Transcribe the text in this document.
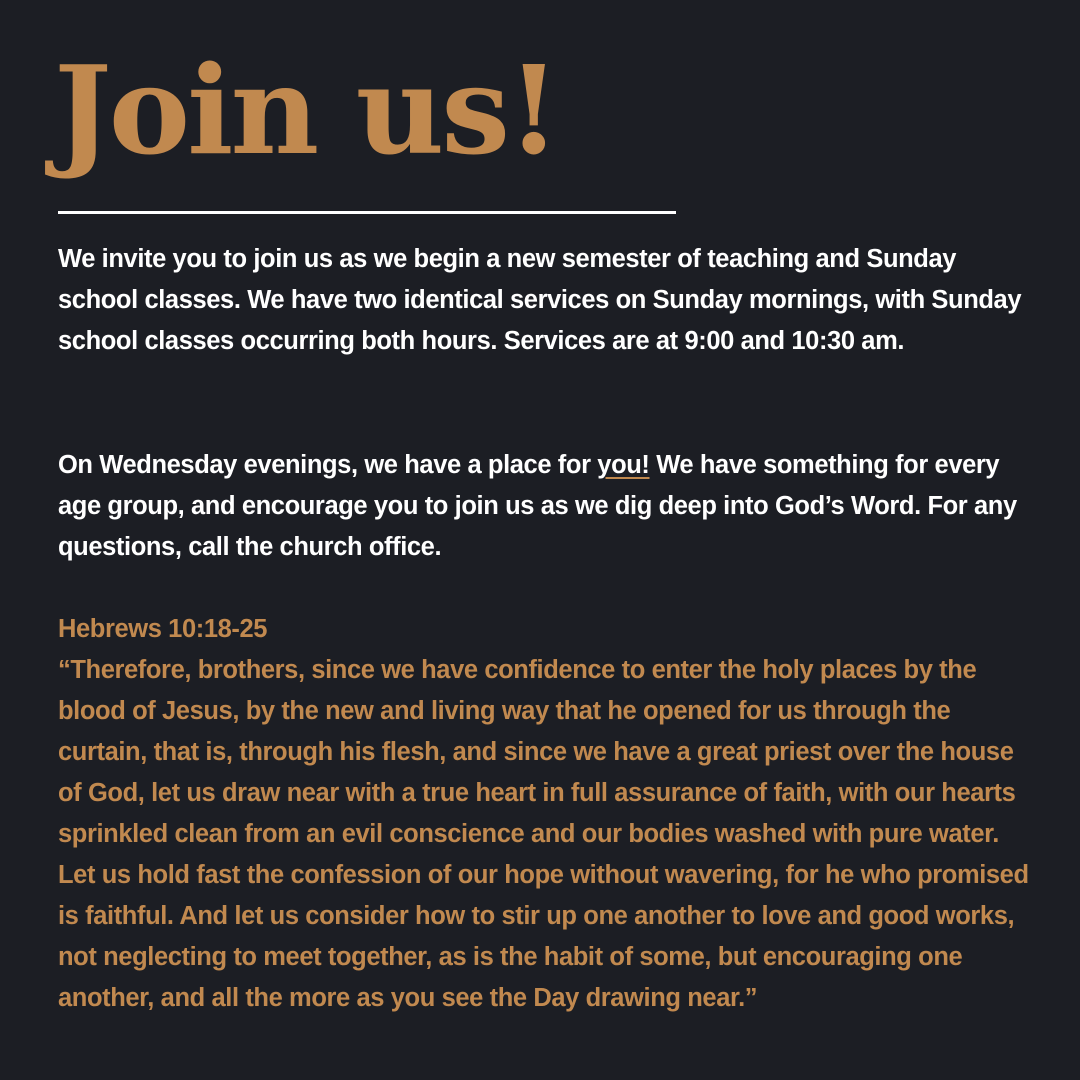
Join us!

We invite you to join us as we begin a new semester of teaching and Sunday school classes. We have two identical services on Sunday mornings, with Sunday school classes occurring both hours. Services are at 9:00 and 10:30 am.

On Wednesday evenings, we have a place for you! We have something for every age group, and encourage you to join us as we dig deep into God’s Word. For any questions, call the church office.

Hebrews 10:18-25

“Therefore, brothers, since we have confidence to enter the holy places by the blood of Jesus, by the new and living way that he opened for us through the curtain, that is, through his flesh, and since we have a great priest over the house of God, let us draw near with a true heart in full assurance of faith, with our hearts sprinkled clean from an evil conscience and our bodies washed with pure water. Let us hold fast the confession of our hope without wavering, for he who promised is faithful. And let us consider how to stir up one another to love and good works, not neglecting to meet together, as is the habit of some, but encouraging one another, and all the more as you see the Day drawing near.”
